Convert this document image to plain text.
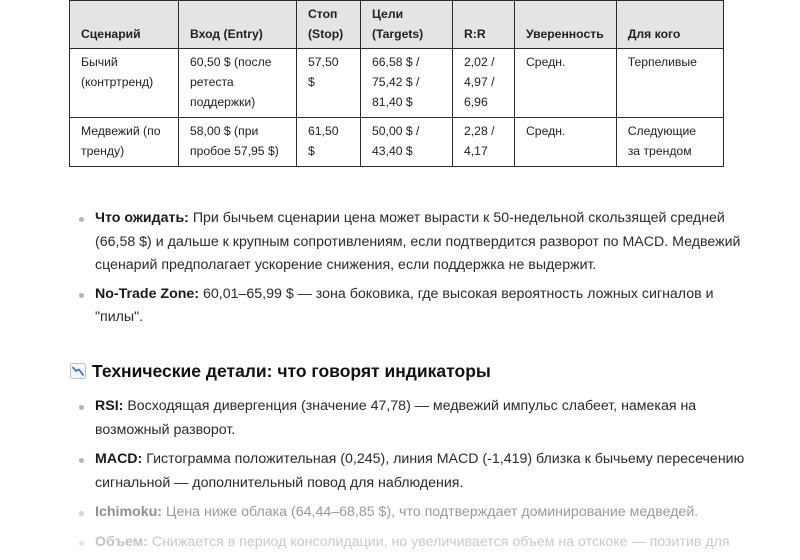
Сценарий	Вход (Entry)	Стоп (Stop)	Цели (Targets)	R:R	Уверенность	Для кого
Бычий (контртренд)	60,50 $ (после ретеста поддержки)	57,50 $	66,58 $ / 75,42 $ / 81,40 $	2,02 / 4,97 / 6,96	Средн.	Терпеливые
Медвежий (по тренду)	58,00 $ (при пробое 57,95 $)	61,50 $	50,00 $ / 43,40 $	2,28 / 4,17	Средн.	Следующие за трендом
Что ожидать: При бычьем сценарии цена может вырасти к 50-недельной скользящей средней (66,58 $) и дальше к крупным сопротивлениям, если подтвердится разворот по MACD. Медвежий сценарий предполагает ускорение снижения, если поддержка не выдержит.
No-Trade Zone: 60,01–65,99 $ — зона боковика, где высокая вероятность ложных сигналов и "пилы".
Технические детали: что говорят индикаторы
RSI: Восходящая дивергенция (значение 47,78) — медвежий импульс слабеет, намекая на возможный разворот.
MACD: Гистограмма положительная (0,245), линия MACD (-1,419) близка к бычьему пересечению сигнальной — дополнительный повод для наблюдения.
Ichimoku: Цена ниже облака (64,44–68,85 $), что подтверждает доминирование медведей.
Объем: Снижается в период консолидации, но увеличивается объем на отскоке — позитив для
